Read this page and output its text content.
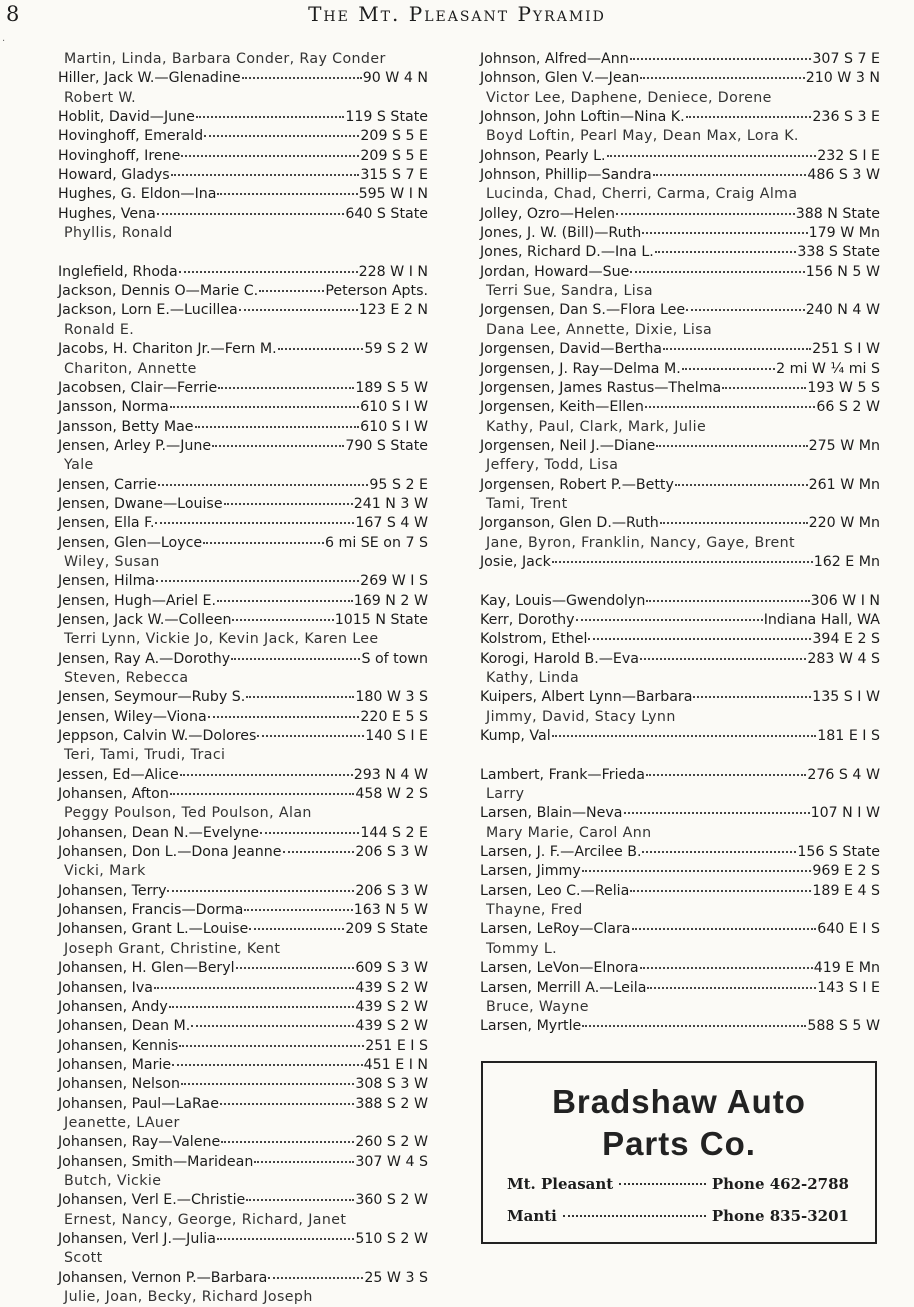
8	The Mt. Pleasant Pyramid
·
Martin, Linda, Barbara Conder, Ray Conder
Hiller, Jack W.—Glenadine	90 W 4 N
Robert W.
Hoblit, David—June	119 S State
Hovinghoff, Emerald	209 S 5 E
Hovinghoff, Irene	209 S 5 E
Howard, Gladys	315 S 7 E
Hughes, G. Eldon—Ina	595 W I N
Hughes, Vena	640 S State
Phyllis, Ronald
Inglefield, Rhoda	228 W I N
Jackson, Dennis O—Marie C.	Peterson Apts.
Jackson, Lorn E.—Lucillea	123 E 2 N
Ronald E.
Jacobs, H. Chariton Jr.—Fern M.	59 S 2 W
Chariton, Annette
Jacobsen, Clair—Ferrie	189 S 5 W
Jansson, Norma	610 S I W
Jansson, Betty Mae	610 S I W
Jensen, Arley P.—June	790 S State
Yale
Jensen, Carrie	95 S 2 E
Jensen, Dwane—Louise	241 N 3 W
Jensen, Ella F.	167 S 4 W
Jensen, Glen—Loyce	6 mi SE on 7 S
Wiley, Susan
Jensen, Hilma	269 W I S
Jensen, Hugh—Ariel E.	169 N 2 W
Jensen, Jack W.—Colleen	1015 N State
Terri Lynn, Vickie Jo, Kevin Jack, Karen Lee
Jensen, Ray A.—Dorothy	S of town
Steven, Rebecca
Jensen, Seymour—Ruby S.	180 W 3 S
Jensen, Wiley—Viona	220 E 5 S
Jeppson, Calvin W.—Dolores	140 S I E
Teri, Tami, Trudi, Traci
Jessen, Ed—Alice	293 N 4 W
Johansen, Afton	458 W 2 S
Peggy Poulson, Ted Poulson, Alan
Johansen, Dean N.—Evelyne	144 S 2 E
Johansen, Don L.—Dona Jeanne	206 S 3 W
Vicki, Mark
Johansen, Terry	206 S 3 W
Johansen, Francis—Dorma	163 N 5 W
Johansen, Grant L.—Louise	209 S State
Joseph Grant, Christine, Kent
Johansen, H. Glen—Beryl	609 S 3 W
Johansen, Iva	439 S 2 W
Johansen, Andy	439 S 2 W
Johansen, Dean M.	439 S 2 W
Johansen, Kennis	251 E I S
Johansen, Marie	451 E I N
Johansen, Nelson	308 S 3 W
Johansen, Paul—LaRae	388 S 2 W
Jeanette, LAuer
Johansen, Ray—Valene	260 S 2 W
Johansen, Smith—Maridean	307 W 4 S
Butch, Vickie
Johansen, Verl E.—Christie	360 S 2 W
Ernest, Nancy, George, Richard, Janet
Johansen, Verl J.—Julia	510 S 2 W
Scott
Johansen, Vernon P.—Barbara	25 W 3 S
Julie, Joan, Becky, Richard Joseph
Johnson, Alfred—Ann	307 S 7 E
Johnson, Glen V.—Jean	210 W 3 N
Victor Lee, Daphene, Deniece, Dorene
Johnson, John Loftin—Nina K.	236 S 3 E
Boyd Loftin, Pearl May, Dean Max, Lora K.
Johnson, Pearly L.	232 S I E
Johnson, Phillip—Sandra	486 S 3 W
Lucinda, Chad, Cherri, Carma, Craig Alma
Jolley, Ozro—Helen	388 N State
Jones, J. W. (Bill)—Ruth	179 W Mn
Jones, Richard D.—Ina L.	338 S State
Jordan, Howard—Sue	156 N 5 W
Terri Sue, Sandra, Lisa
Jorgensen, Dan S.—Flora Lee	240 N 4 W
Dana Lee, Annette, Dixie, Lisa
Jorgensen, David—Bertha	251 S I W
Jorgensen, J. Ray—Delma M.	2 mi W ¼ mi S
Jorgensen, James Rastus—Thelma	193 W 5 S
Jorgensen, Keith—Ellen	66 S 2 W
Kathy, Paul, Clark, Mark, Julie
Jorgensen, Neil J.—Diane	275 W Mn
Jeffery, Todd, Lisa
Jorgensen, Robert P.—Betty	261 W Mn
Tami, Trent
Jorganson, Glen D.—Ruth	220 W Mn
Jane, Byron, Franklin, Nancy, Gaye, Brent
Josie, Jack	162 E Mn
Kay, Louis—Gwendolyn	306 W I N
Kerr, Dorothy	Indiana Hall, WA
Kolstrom, Ethel	394 E 2 S
Korogi, Harold B.—Eva	283 W 4 S
Kathy, Linda
Kuipers, Albert Lynn—Barbara	135 S I W
Jimmy, David, Stacy Lynn
Kump, Val	181 E I S
Lambert, Frank—Frieda	276 S 4 W
Larry
Larsen, Blain—Neva	107 N I W
Mary Marie, Carol Ann
Larsen, J. F.—Arcilee B.	156 S State
Larsen, Jimmy	969 E 2 S
Larsen, Leo C.—Relia	189 E 4 S
Thayne, Fred
Larsen, LeRoy—Clara	640 E I S
Tommy L.
Larsen, LeVon—Elnora	419 E Mn
Larsen, Merrill A.—Leila	143 S I E
Bruce, Wayne
Larsen, Myrtle	588 S 5 W
Bradshaw Auto
Parts Co.
Mt. Pleasant	Phone 462-2788
Manti	Phone 835-3201
